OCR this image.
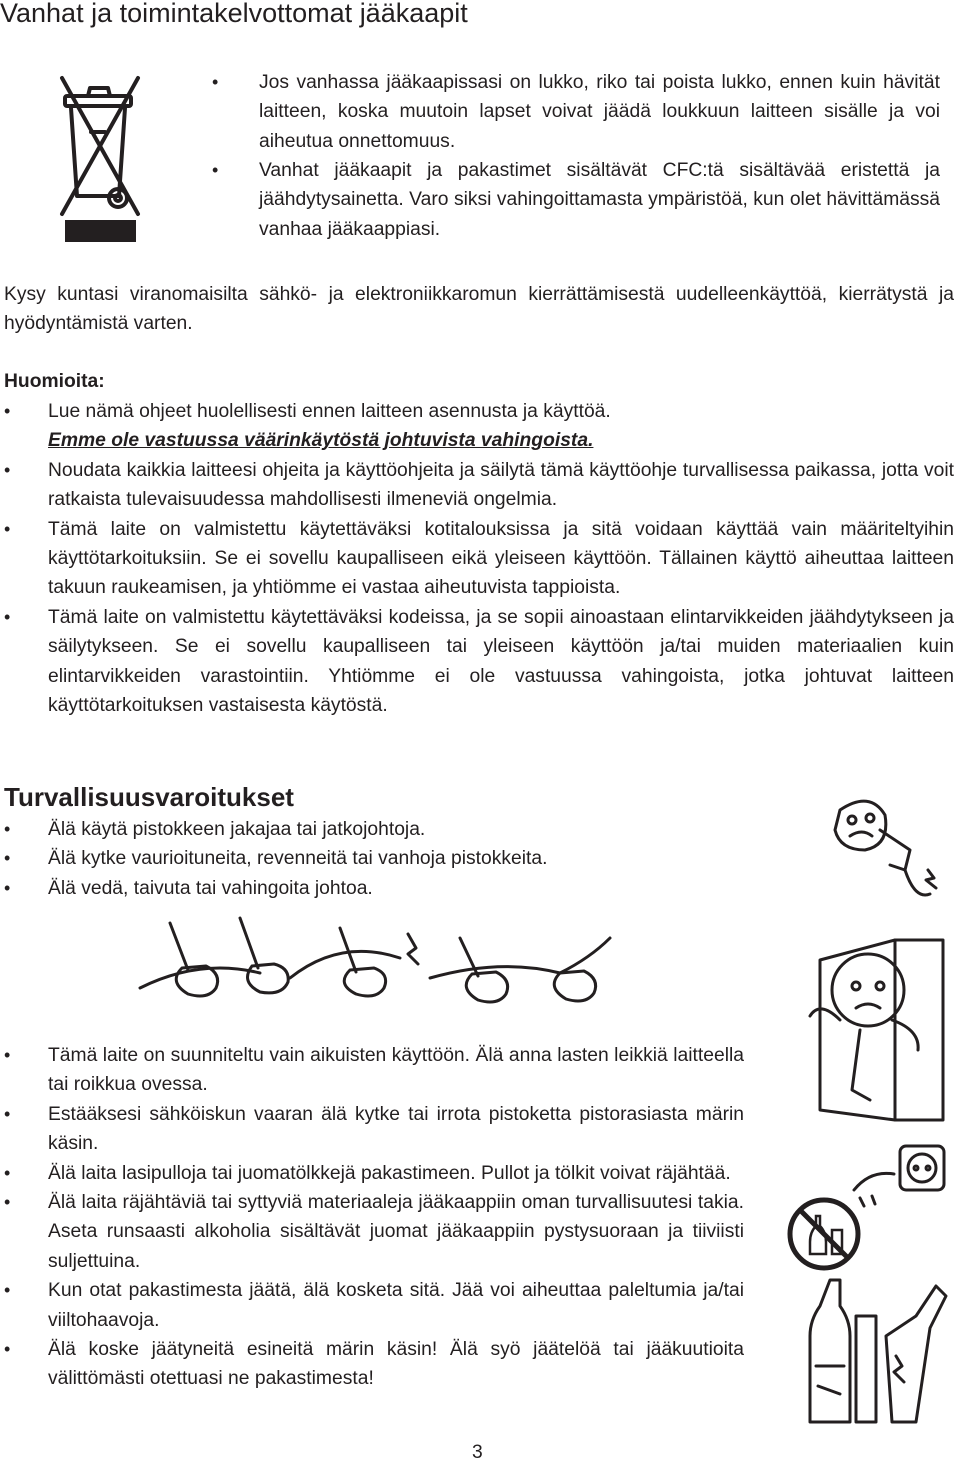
Vanhat ja toimintakelvottomat jääkaapit
• Jos vanhassa jääkaapissasi on lukko, riko tai poista lukko, ennen kuin hävität laitteen, koska muutoin lapset voivat jäädä loukkuun laitteen sisälle ja voi aiheutua onnettomuus.
• Vanhat jääkaapit ja pakastimet sisältävät CFC:tä sisältävää eristettä ja jäähdytysainetta. Varo siksi vahingoittamasta ympäristöä, kun olet hävittämässä vanhaa jääkaappiasi.
Kysy kuntasi viranomaisilta sähkö- ja elektroniikkaromun kierrättämisestä uudelleenkäyttöä, kierrätystä ja hyödyntämistä varten.
Huomioita:
• Lue nämä ohjeet huolellisesti ennen laitteen asennusta ja käyttöä.
Emme ole vastuussa väärinkäytöstä johtuvista vahingoista.
• Noudata kaikkia laitteesi ohjeita ja käyttöohjeita ja säilytä tämä käyttöohje turvallisessa paikassa, jotta voit ratkaista tulevaisuudessa mahdollisesti ilmeneviä ongelmia.
• Tämä laite on valmistettu käytettäväksi kotitalouksissa ja sitä voidaan käyttää vain määriteltyihin käyttötarkoituksiin. Se ei sovellu kaupalliseen eikä yleiseen käyttöön. Tällainen käyttö aiheuttaa laitteen takuun raukeamisen, ja yhtiömme ei vastaa aiheutuvista tappioista.
• Tämä laite on valmistettu käytettäväksi kodeissa, ja se sopii ainoastaan elintarvikkeiden jäähdytykseen ja säilytykseen. Se ei sovellu kaupalliseen tai yleiseen käyttöön ja/tai muiden materiaalien kuin elintarvikkeiden varastointiin. Yhtiömme ei ole vastuussa vahingoista, jotka johtuvat laitteen käyttötarkoituksen vastaisesta käytöstä.
Turvallisuusvaroitukset
• Älä käytä pistokkeen jakajaa tai jatkojohtoja.
• Älä kytke vaurioituneita, revenneitä tai vanhoja pistokkeita.
• Älä vedä, taivuta tai vahingoita johtoa.
• Tämä laite on suunniteltu vain aikuisten käyttöön. Älä anna lasten leikkiä laitteella tai roikkua ovessa.
• Estääksesi sähköiskun vaaran älä kytke tai irrota pistoketta pistorasiasta märin käsin.
• Älä laita lasipulloja tai juomatölkkejä pakastimeen. Pullot ja tölkit voivat räjähtää.
• Älä laita räjähtäviä tai syttyviä materiaaleja jääkaappiin oman turvallisuutesi takia. Aseta runsaasti alkoholia sisältävät juomat jääkaappiin pystysuoraan ja tiiviisti suljettuina.
• Kun otat pakastimesta jäätä, älä kosketa sitä. Jää voi aiheuttaa paleltumia ja/tai viiltohaavoja.
• Älä koske jäätyneitä esineitä märin käsin! Älä syö jäätelöä tai jääkuutioita välittömästi otettuasi ne pakastimesta!
3
